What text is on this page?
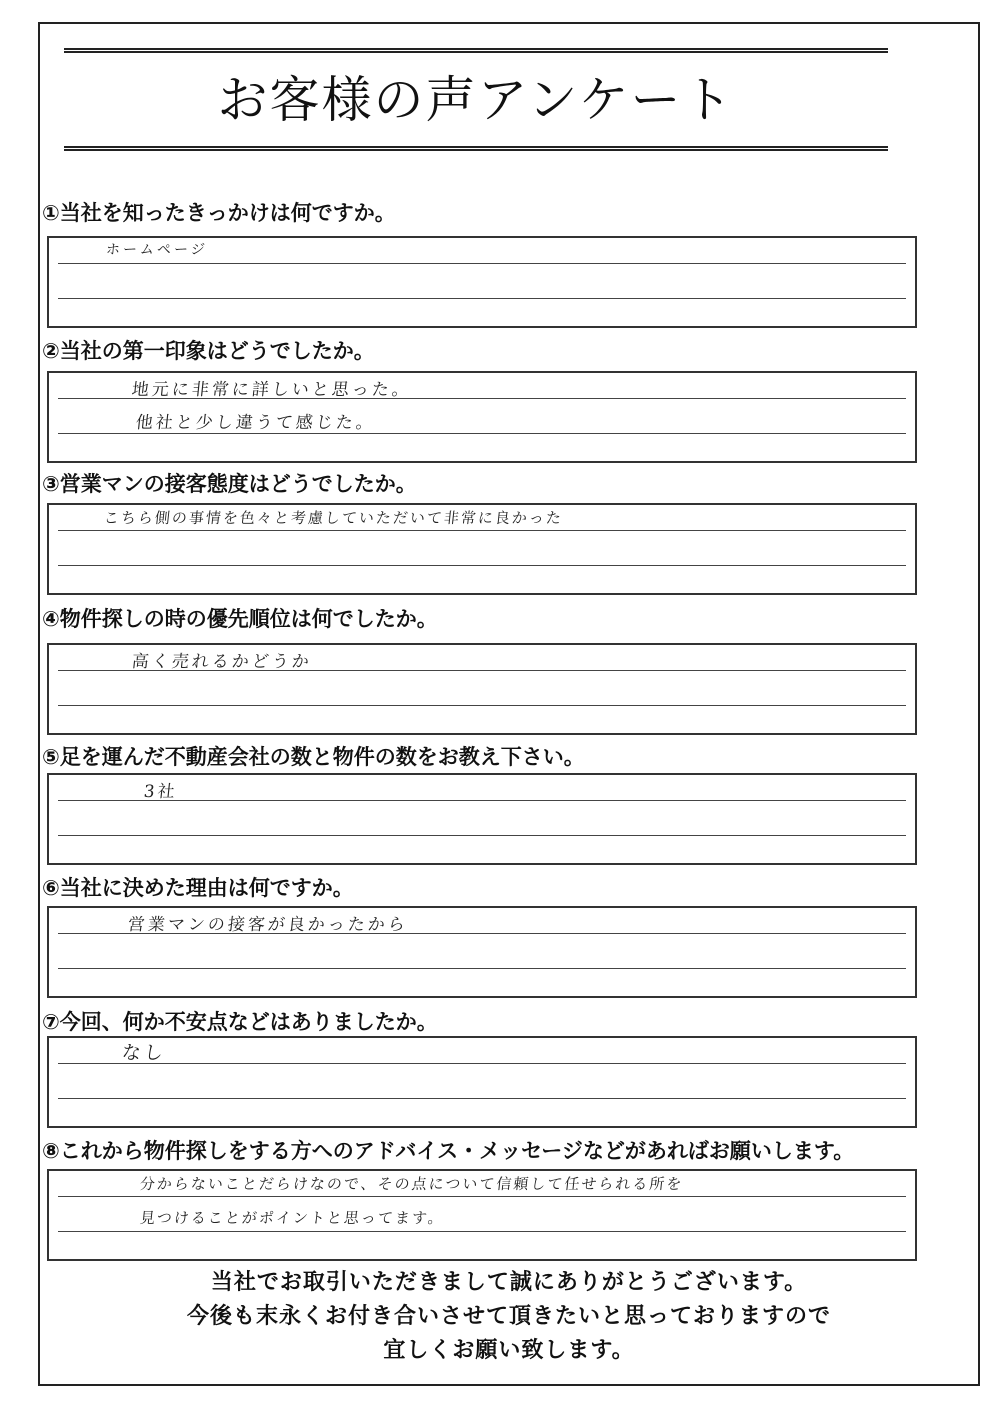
お客様の声アンケート
①当社を知ったきっかけは何ですか。
ホームページ
②当社の第一印象はどうでしたか。
地元に非常に詳しいと思った。
他社と少し違うて感じた。
③営業マンの接客態度はどうでしたか。
こちら側の事情を色々と考慮していただいて非常に良かった
④物件探しの時の優先順位は何でしたか。
高く売れるかどうか
⑤足を運んだ不動産会社の数と物件の数をお教え下さい。
3社
⑥当社に決めた理由は何ですか。
営業マンの接客が良かったから
⑦今回、何か不安点などはありましたか。
なし
⑧これから物件探しをする方へのアドバイス・メッセージなどがあればお願いします。
分からないことだらけなので、その点について信頼して任せられる所を
見つけることがポイントと思ってます。
当社でお取引いただきまして誠にありがとうございます。
今後も末永くお付き合いさせて頂きたいと思っておりますので
宜しくお願い致します。
